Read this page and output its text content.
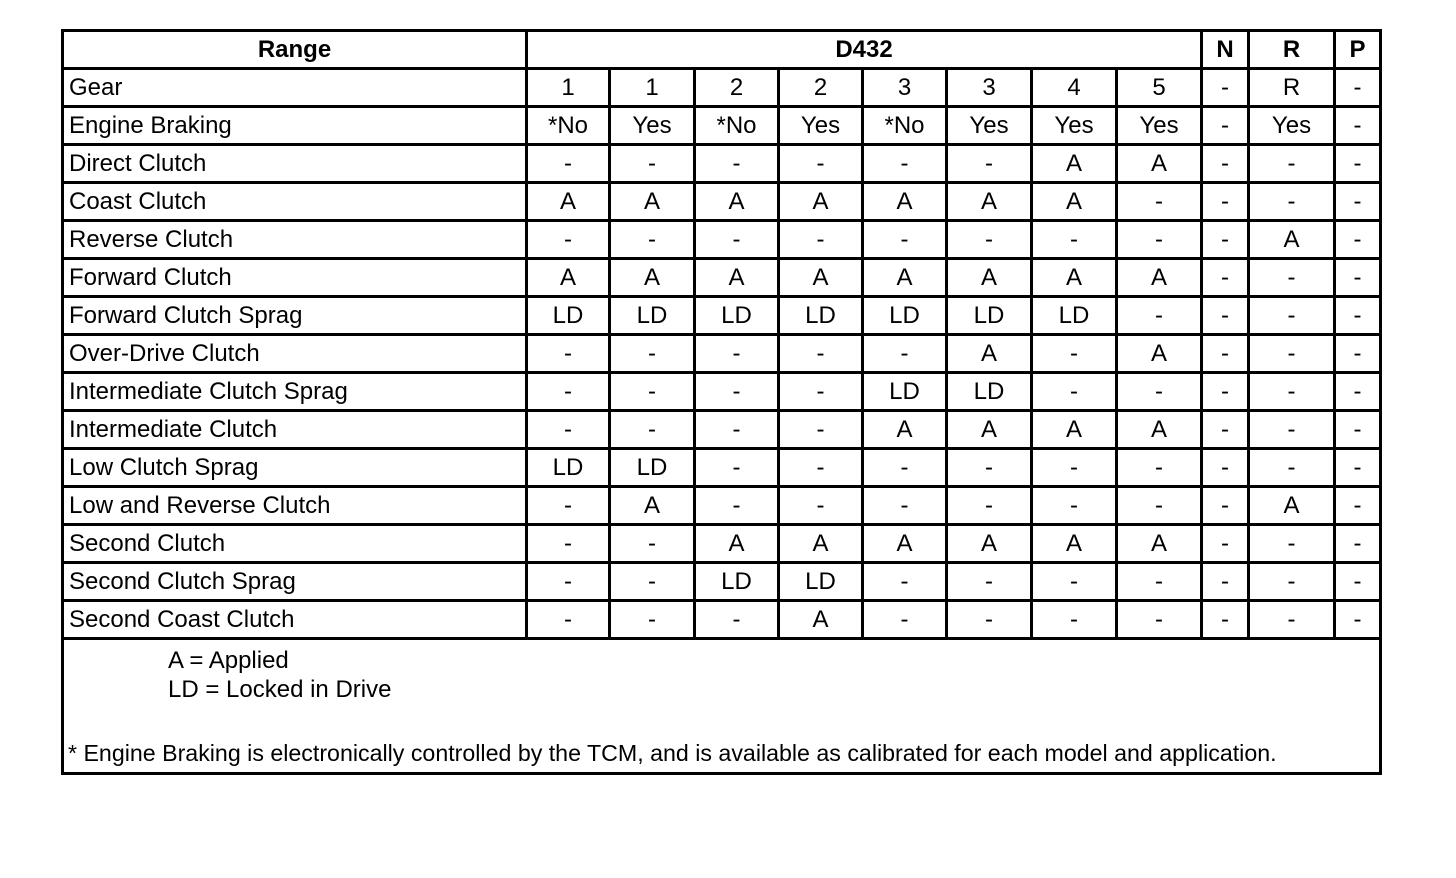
Range	D432								N	R	P
Gear	1	1	2	2	3	3	4	5	-	R	-
Engine Braking	*No	Yes	*No	Yes	*No	Yes	Yes	Yes	-	Yes	-
Direct Clutch	-	-	-	-	-	-	A	A	-	-	-
Coast Clutch	A	A	A	A	A	A	A	-	-	-	-
Reverse Clutch	-	-	-	-	-	-	-	-	-	A	-
Forward Clutch	A	A	A	A	A	A	A	A	-	-	-
Forward Clutch Sprag	LD	LD	LD	LD	LD	LD	LD	-	-	-	-
Over-Drive Clutch	-	-	-	-	-	A	-	A	-	-	-
Intermediate Clutch Sprag	-	-	-	-	LD	LD	-	-	-	-	-
Intermediate Clutch	-	-	-	-	A	A	A	A	-	-	-
Low Clutch Sprag	LD	LD	-	-	-	-	-	-	-	-	-
Low and Reverse Clutch	-	A	-	-	-	-	-	-	-	A	-
Second Clutch	-	-	A	A	A	A	A	A	-	-	-
Second Clutch Sprag	-	-	LD	LD	-	-	-	-	-	-	-
Second Coast Clutch	-	-	-	A	-	-	-	-	-	-	-

A = Applied
LD = Locked in Drive
* Engine Braking is electronically controlled by the TCM, and is available as calibrated for each model and application.											
